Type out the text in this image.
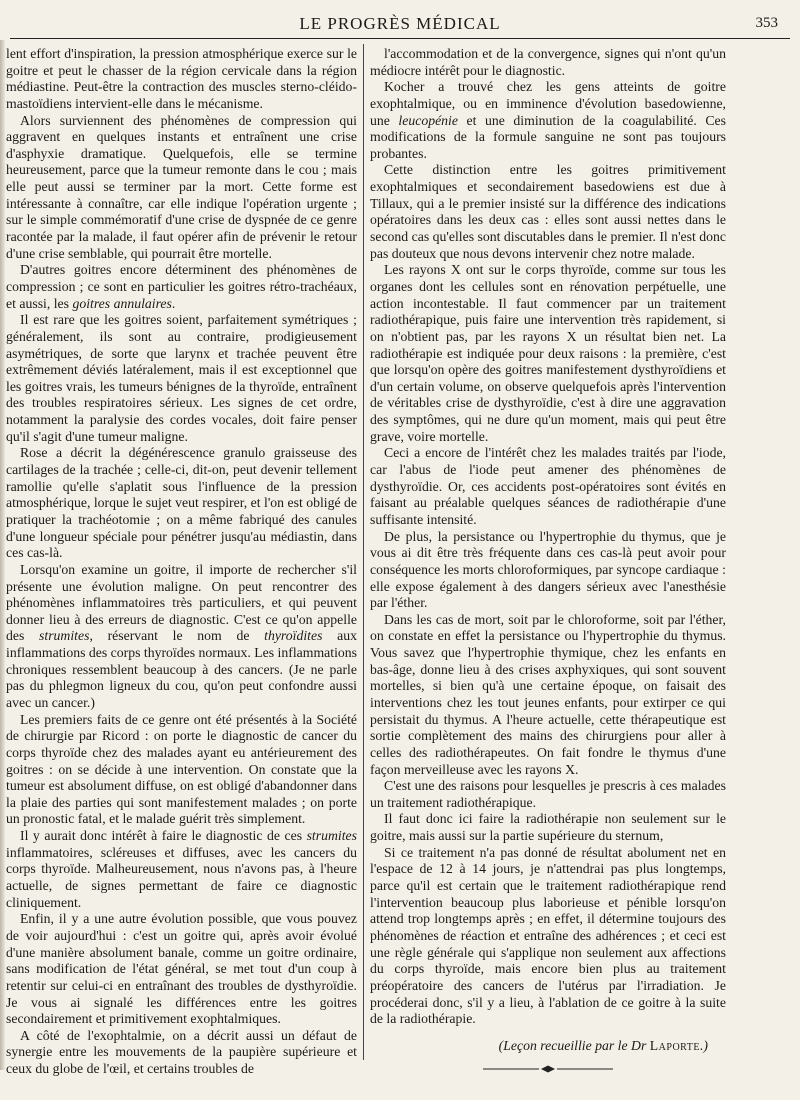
LE PROGRÈS MÉDICAL	353

lent effort d'inspiration, la pression atmosphérique exerce sur le goitre et peut le chasser de la région cervicale dans la région médiastine. Peut-être la contraction des muscles sterno-cléido-mastoïdiens intervient-elle dans le mécanisme.

Alors surviennent des phénomènes de compression qui aggravent en quelques instants et entraînent une crise d'asphyxie dramatique. Quelquefois, elle se termine heureusement, parce que la tumeur remonte dans le cou ; mais elle peut aussi se terminer par la mort. Cette forme est intéressante à connaître, car elle indique l'opération urgente ; sur le simple commémoratif d'une crise de dyspnée de ce genre racontée par la malade, il faut opérer afin de prévenir le retour d'une crise semblable, qui pourrait être mortelle.

D'autres goitres encore déterminent des phénomènes de compression ; ce sont en particulier les goitres rétro-trachéaux, et aussi, les goitres annulaires.

Il est rare que les goitres soient, parfaitement symétriques ; généralement, ils sont au contraire, prodigieusement asymétriques, de sorte que larynx et trachée peuvent être extrêmement déviés latéralement, mais il est exceptionnel que les goitres vrais, les tumeurs bénignes de la thyroïde, entraînent des troubles respiratoires sérieux. Les signes de cet ordre, notamment la paralysie des cordes vocales, doit faire penser qu'il s'agit d'une tumeur maligne.

Rose a décrit la dégénérescence granulo graisseuse des cartilages de la trachée ; celle-ci, dit-on, peut devenir tellement ramollie qu'elle s'aplatit sous l'influence de la pression atmosphérique, lorque le sujet veut respirer, et l'on est obligé de pratiquer la trachéotomie ; on a même fabriqué des canules d'une longueur spéciale pour pénétrer jusqu'au médiastin, dans ces cas-là.

Lorsqu'on examine un goitre, il importe de rechercher s'il présente une évolution maligne. On peut rencontrer des phénomènes inflammatoires très particuliers, et qui peuvent donner lieu à des erreurs de diagnostic. C'est ce qu'on appelle des strumites, réservant le nom de thyroïdites aux inflammations des corps thyroïdes normaux. Les inflammations chroniques ressemblent beaucoup à des cancers. (Je ne parle pas du phlegmon ligneux du cou, qu'on peut confondre aussi avec un cancer.)

Les premiers faits de ce genre ont été présentés à la Société de chirurgie par Ricord : on porte le diagnostic de cancer du corps thyroïde chez des malades ayant eu antérieurement des goitres : on se décide à une intervention. On constate que la tumeur est absolument diffuse, on est obligé d'abandonner dans la plaie des parties qui sont manifestement malades ; on porte un pronostic fatal, et le malade guérit très simplement.

Il y aurait donc intérêt à faire le diagnostic de ces strumites inflammatoires, scléreuses et diffuses, avec les cancers du corps thyroïde. Malheureusement, nous n'avons pas, à l'heure actuelle, de signes permettant de faire ce diagnostic cliniquement.

Enfin, il y a une autre évolution possible, que vous pouvez de voir aujourd'hui : c'est un goitre qui, après avoir évolué d'une manière absolument banale, comme un goitre ordinaire, sans modification de l'état général, se met tout d'un coup à retentir sur celui-ci en entraînant des troubles de dysthyroïdie. Je vous ai signalé les différences entre les goitres secondairement et primitivement exophtalmiques.

A côté de l'exophtalmie, on a décrit aussi un défaut de synergie entre les mouvements de la paupière supérieure et ceux du globe de l'œil, et certains troubles de

l'accommodation et de la convergence, signes qui n'ont qu'un médiocre intérêt pour le diagnostic.

Kocher a trouvé chez les gens atteints de goitre exophtalmique, ou en imminence d'évolution basedowienne, une leucopénie et une diminution de la coagulabilité. Ces modifications de la formule sanguine ne sont pas toujours probantes.

Cette distinction entre les goitres primitivement exophtalmiques et secondairement basedowiens est due à Tillaux, qui a le premier insisté sur la différence des indications opératoires dans les deux cas : elles sont aussi nettes dans le second cas qu'elles sont discutables dans le premier. Il n'est donc pas douteux que nous devons intervenir chez notre malade.

Les rayons X ont sur le corps thyroïde, comme sur tous les organes dont les cellules sont en rénovation perpétuelle, une action incontestable. Il faut commencer par un traitement radiothérapique, puis faire une intervention très rapidement, si on n'obtient pas, par les rayons X un résultat bien net. La radiothérapie est indiquée pour deux raisons : la première, c'est que lorsqu'on opère des goitres manifestement dysthyroïdiens et d'un certain volume, on observe quelquefois après l'intervention de véritables crise de dysthyroïdie, c'est à dire une aggravation des symptômes, qui ne dure qu'un moment, mais qui peut être grave, voire mortelle.

Ceci a encore de l'intérêt chez les malades traités par l'iode, car l'abus de l'iode peut amener des phénomènes de dysthyroïdie. Or, ces accidents post-opératoires sont évités en faisant au préalable quelques séances de radiothérapie d'une suffisante intensité.

De plus, la persistance ou l'hypertrophie du thymus, que je vous ai dit être très fréquente dans ces cas-là peut avoir pour conséquence les morts chloroformiques, par syncope cardiaque : elle expose également à des dangers sérieux avec l'anesthésie par l'éther.

Dans les cas de mort, soit par le chloroforme, soit par l'éther, on constate en effet la persistance ou l'hypertrophie du thymus. Vous savez que l'hypertrophie thymique, chez les enfants en bas-âge, donne lieu à des crises axphyxiques, qui sont souvent mortelles, si bien qu'à une certaine époque, on faisait des interventions chez les tout jeunes enfants, pour extirper ce qui persistait du thymus. A l'heure actuelle, cette thérapeutique est sortie complètement des mains des chirurgiens pour aller à celles des radiothérapeutes. On fait fondre le thymus d'une façon merveilleuse avec les rayons X.

C'est une des raisons pour lesquelles je prescris à ces malades un traitement radiothérapique.

Il faut donc ici faire la radiothérapie non seulement sur le goitre, mais aussi sur la partie supérieure du sternum,

Si ce traitement n'a pas donné de résultat abolument net en l'espace de 12 à 14 jours, je n'attendrai pas plus longtemps, parce qu'il est certain que le traitement radiothérapique rend l'intervention beaucoup plus laborieuse et pénible lorsqu'on attend trop longtemps après ; en effet, il détermine toujours des phénomènes de réaction et entraîne des adhérences ; et ceci est une règle générale qui s'applique non seulement aux affections du corps thyroïde, mais encore bien plus au traitement préopératoire des cancers de l'utérus par l'irradiation. Je procéderai donc, s'il y a lieu, à l'ablation de ce goitre à la suite de la radiothérapie.

(Leçon recueillie par le Dr Laporte.)
